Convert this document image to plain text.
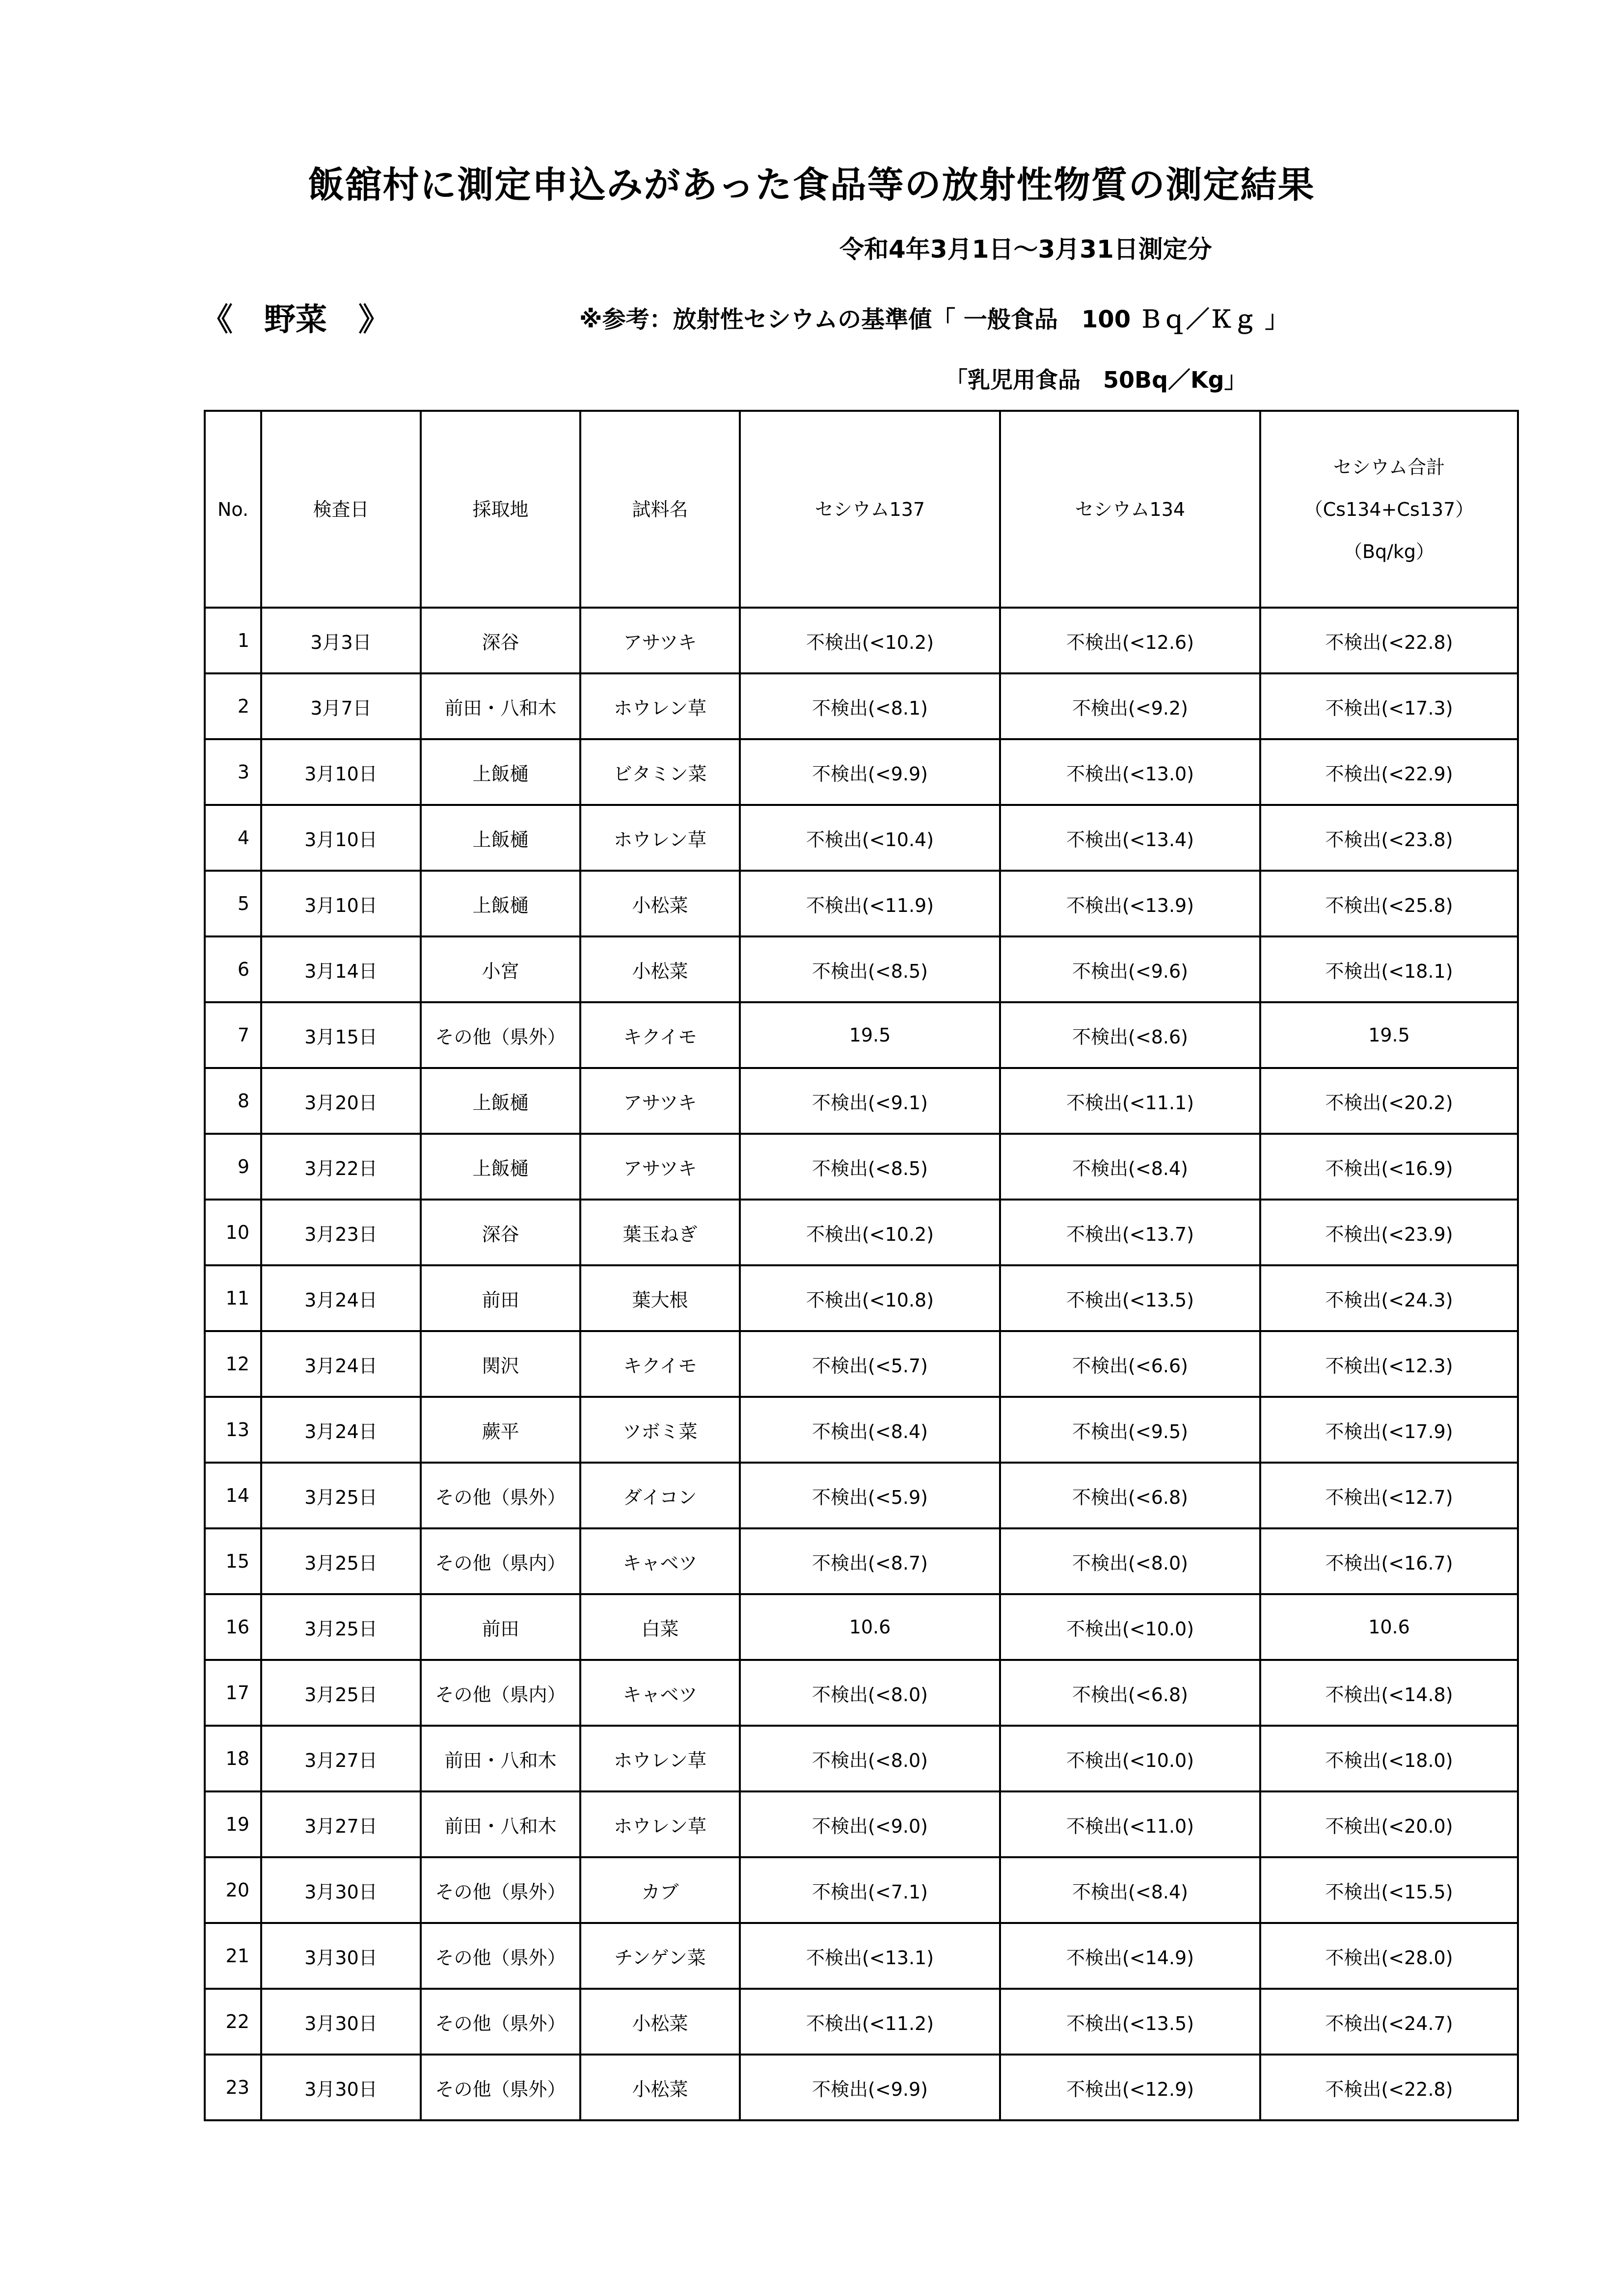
飯舘村に測定申込みがあった食品等の放射性物質の測定結果
令和4年3月1日～3月31日測定分
《　野菜　》	※参考：放射性セシウムの基準値「 一般食品　100 Ｂｑ／Ｋｇ 」
「乳児用食品　50Bq／Kg」
No.	検査日	採取地	試料名	セシウム137	セシウム134	セシウム合計
（Cs134+Cs137）
（Bq/kg）

1	3月3日	深谷	アサツキ	不検出(<10.2)	不検出(<12.6)	不検出(<22.8)
2	3月7日	前田・八和木	ホウレン草	不検出(<8.1)	不検出(<9.2)	不検出(<17.3)
3	3月10日	上飯樋	ビタミン菜	不検出(<9.9)	不検出(<13.0)	不検出(<22.9)
4	3月10日	上飯樋	ホウレン草	不検出(<10.4)	不検出(<13.4)	不検出(<23.8)
5	3月10日	上飯樋	小松菜	不検出(<11.9)	不検出(<13.9)	不検出(<25.8)
6	3月14日	小宮	小松菜	不検出(<8.5)	不検出(<9.6)	不検出(<18.1)
7	3月15日	その他（県外）	キクイモ	19.5	不検出(<8.6)	19.5
8	3月20日	上飯樋	アサツキ	不検出(<9.1)	不検出(<11.1)	不検出(<20.2)
9	3月22日	上飯樋	アサツキ	不検出(<8.5)	不検出(<8.4)	不検出(<16.9)
10	3月23日	深谷	葉玉ねぎ	不検出(<10.2)	不検出(<13.7)	不検出(<23.9)
11	3月24日	前田	葉大根	不検出(<10.8)	不検出(<13.5)	不検出(<24.3)
12	3月24日	関沢	キクイモ	不検出(<5.7)	不検出(<6.6)	不検出(<12.3)
13	3月24日	蕨平	ツボミ菜	不検出(<8.4)	不検出(<9.5)	不検出(<17.9)
14	3月25日	その他（県外）	ダイコン	不検出(<5.9)	不検出(<6.8)	不検出(<12.7)
15	3月25日	その他（県内）	キャベツ	不検出(<8.7)	不検出(<8.0)	不検出(<16.7)
16	3月25日	前田	白菜	10.6	不検出(<10.0)	10.6
17	3月25日	その他（県内）	キャベツ	不検出(<8.0)	不検出(<6.8)	不検出(<14.8)
18	3月27日	前田・八和木	ホウレン草	不検出(<8.0)	不検出(<10.0)	不検出(<18.0)
19	3月27日	前田・八和木	ホウレン草	不検出(<9.0)	不検出(<11.0)	不検出(<20.0)
20	3月30日	その他（県外）	カブ	不検出(<7.1)	不検出(<8.4)	不検出(<15.5)
21	3月30日	その他（県外）	チンゲン菜	不検出(<13.1)	不検出(<14.9)	不検出(<28.0)
22	3月30日	その他（県外）	小松菜	不検出(<11.2)	不検出(<13.5)	不検出(<24.7)
23	3月30日	その他（県外）	小松菜	不検出(<9.9)	不検出(<12.9)	不検出(<22.8)
